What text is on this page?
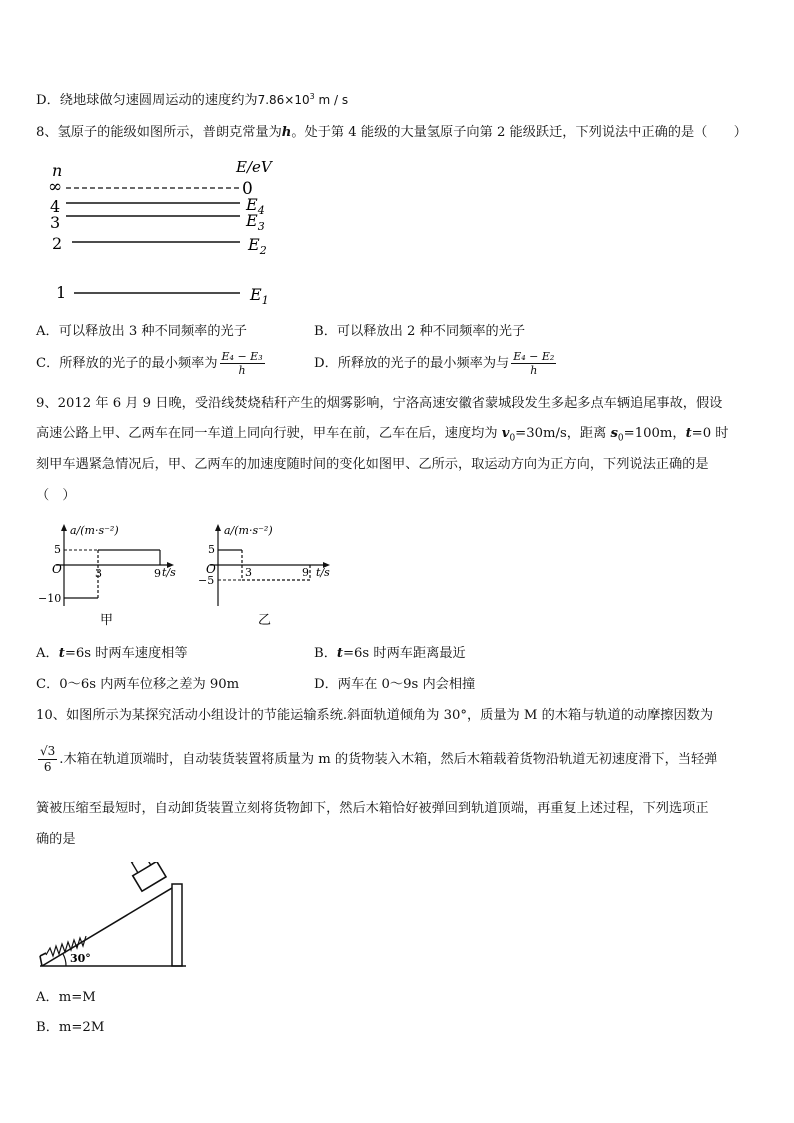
D．绕地球做匀速圆周运动的速度约为$7.86\times 10^3$ m / s
8、氢原子的能级如图所示，普朗克常量为h。处于第 4 能级的大量氢原子向第 2 能级跃迁，下列说法中正确的是（　　）
n	E/eV
∞	0
4	$E_4$
3	$E_3$
2	$E_2$
1	$E_1$
A．可以释放出 3 种不同频率的光子	B．可以释放出 2 种不同频率的光子
C．所释放的光子的最小频率为 $\frac{\text{E₄ − E₃}}{h}$	D．所释放的光子的最小频率为与 $\frac{\text{E₄ − E₂}}{h}$
9、2012 年 6 月 9 日晚，受沿线焚烧秸秆产生的烟雾影响，宁洛高速安徽省蒙城段发生多起多点车辆追尾事故，假设
高速公路上甲、乙两车在同一车道上同向行驶，甲车在前，乙车在后，速度均为 $v_0=30m/s$，距离 $s_0=100m$，t=0 时
刻甲车遇紧急情况后，甲、乙两车的加速度随时间的变化如图甲、乙所示，取运动方向为正方向，下列说法正确的是
（　）
a/(m·s⁻²)
t/s
O
5
−10
3	9
甲
a/(m·s⁻²)
t/s
O
5
−5
3	9
乙
A．t=6s 时两车速度相等	B．t=6s 时两车距离最近
C．0～6s 内两车位移之差为 90m	D．两车在 0～9s 内会相撞
10、如图所示为某探究活动小组设计的节能运输系统.斜面轨道倾角为 30°，质量为 M 的木箱与轨道的动摩擦因数为
$\frac{√3}{6}$ .木箱在轨道顶端时，自动装货装置将质量为 m 的货物装入木箱，然后木箱载着货物沿轨道无初速度滑下，当轻弹
簧被压缩至最短时，自动卸货装置立刻将货物卸下，然后木箱恰好被弹回到轨道顶端，再重复上述过程，下列选项正
确的是
30°
A．m=M
B．m=2M
